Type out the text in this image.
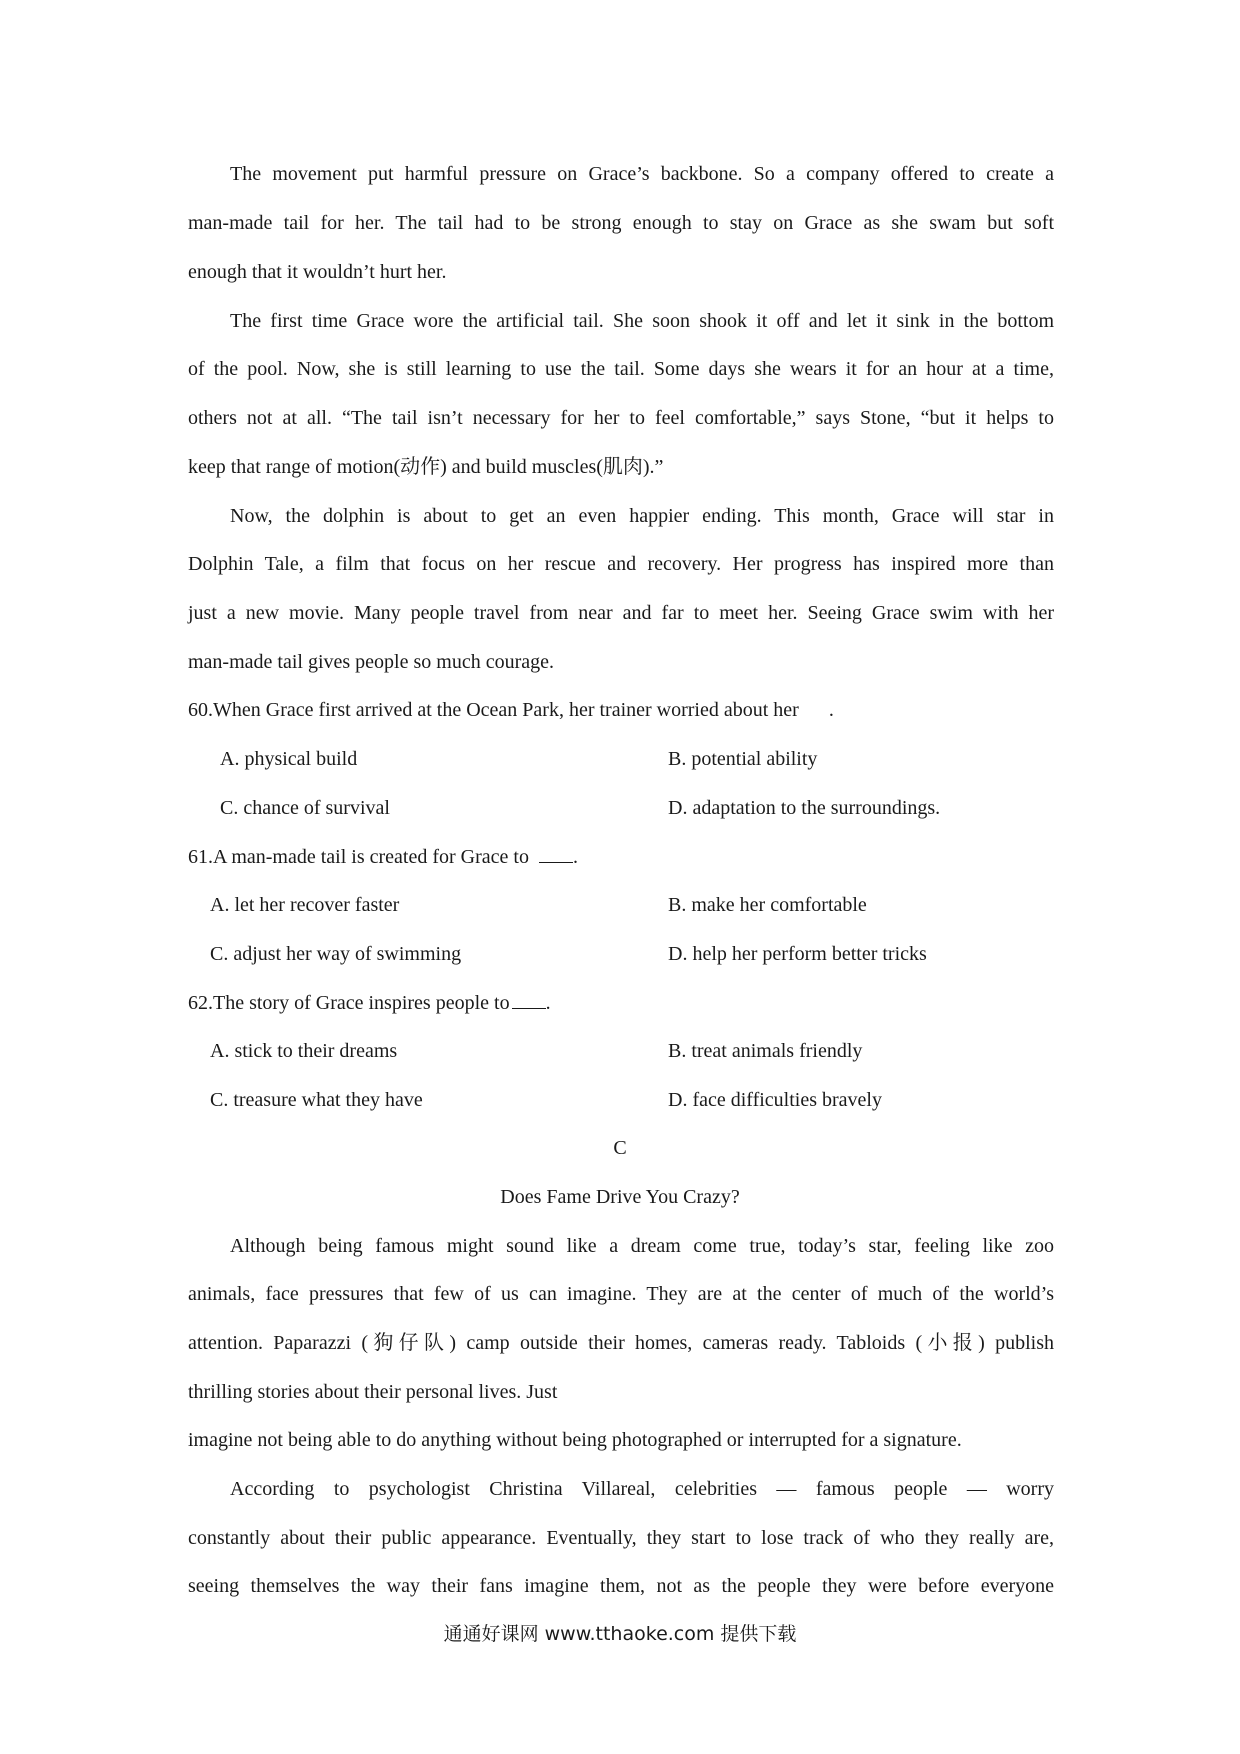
The movement put harmful pressure on Grace’s backbone. So a company offered to create a
man-made tail for her. The tail had to be strong enough to stay on Grace as she swam but soft
enough that it wouldn’t hurt her.
The first time Grace wore the artificial tail. She soon shook it off and let it sink in the bottom
of the pool. Now, she is still learning to use the tail. Some days she wears it for an hour at a time,
others not at all. “The tail isn’t necessary for her to feel comfortable,” says Stone, “but it helps to
keep that range of motion(动作) and build muscles(肌肉).”
Now, the dolphin is about to get an even happier ending. This month, Grace will star in
Dolphin Tale, a film that focus on her rescue and recovery. Her progress has inspired more than
just a new movie. Many people travel from near and far to meet her. Seeing Grace swim with her
man-made tail gives people so much courage.
60.When Grace first arrived at the Ocean Park, her trainer worried about her .
A. physical build	B. potential ability
C. chance of survival	D. adaptation to the surroundings.
61.A man-made tail is created for Grace to .
A. let her recover faster	B. make her comfortable
C. adjust her way of swimming	D. help her perform better tricks
62.The story of Grace inspires people to .
A. stick to their dreams	B. treat animals friendly
C. treasure what they have	D. face difficulties bravely
C
Does Fame Drive You Crazy?
Although being famous might sound like a dream come true, today’s star, feeling like zoo
animals, face pressures that few of us can imagine. They are at the center of much of the world’s
attention. Paparazzi (狗仔队) camp outside their homes, cameras ready. Tabloids (小报) publish
thrilling stories about their personal lives. Just
imagine not being able to do anything without being photographed or interrupted for a signature.
According to psychologist Christina Villareal, celebrities — famous people — worry
constantly about their public appearance. Eventually, they start to lose track of who they really are,
seeing themselves the way their fans imagine them, not as the people they were before everyone
通通好课网 www.tthaoke.com 提供下载
